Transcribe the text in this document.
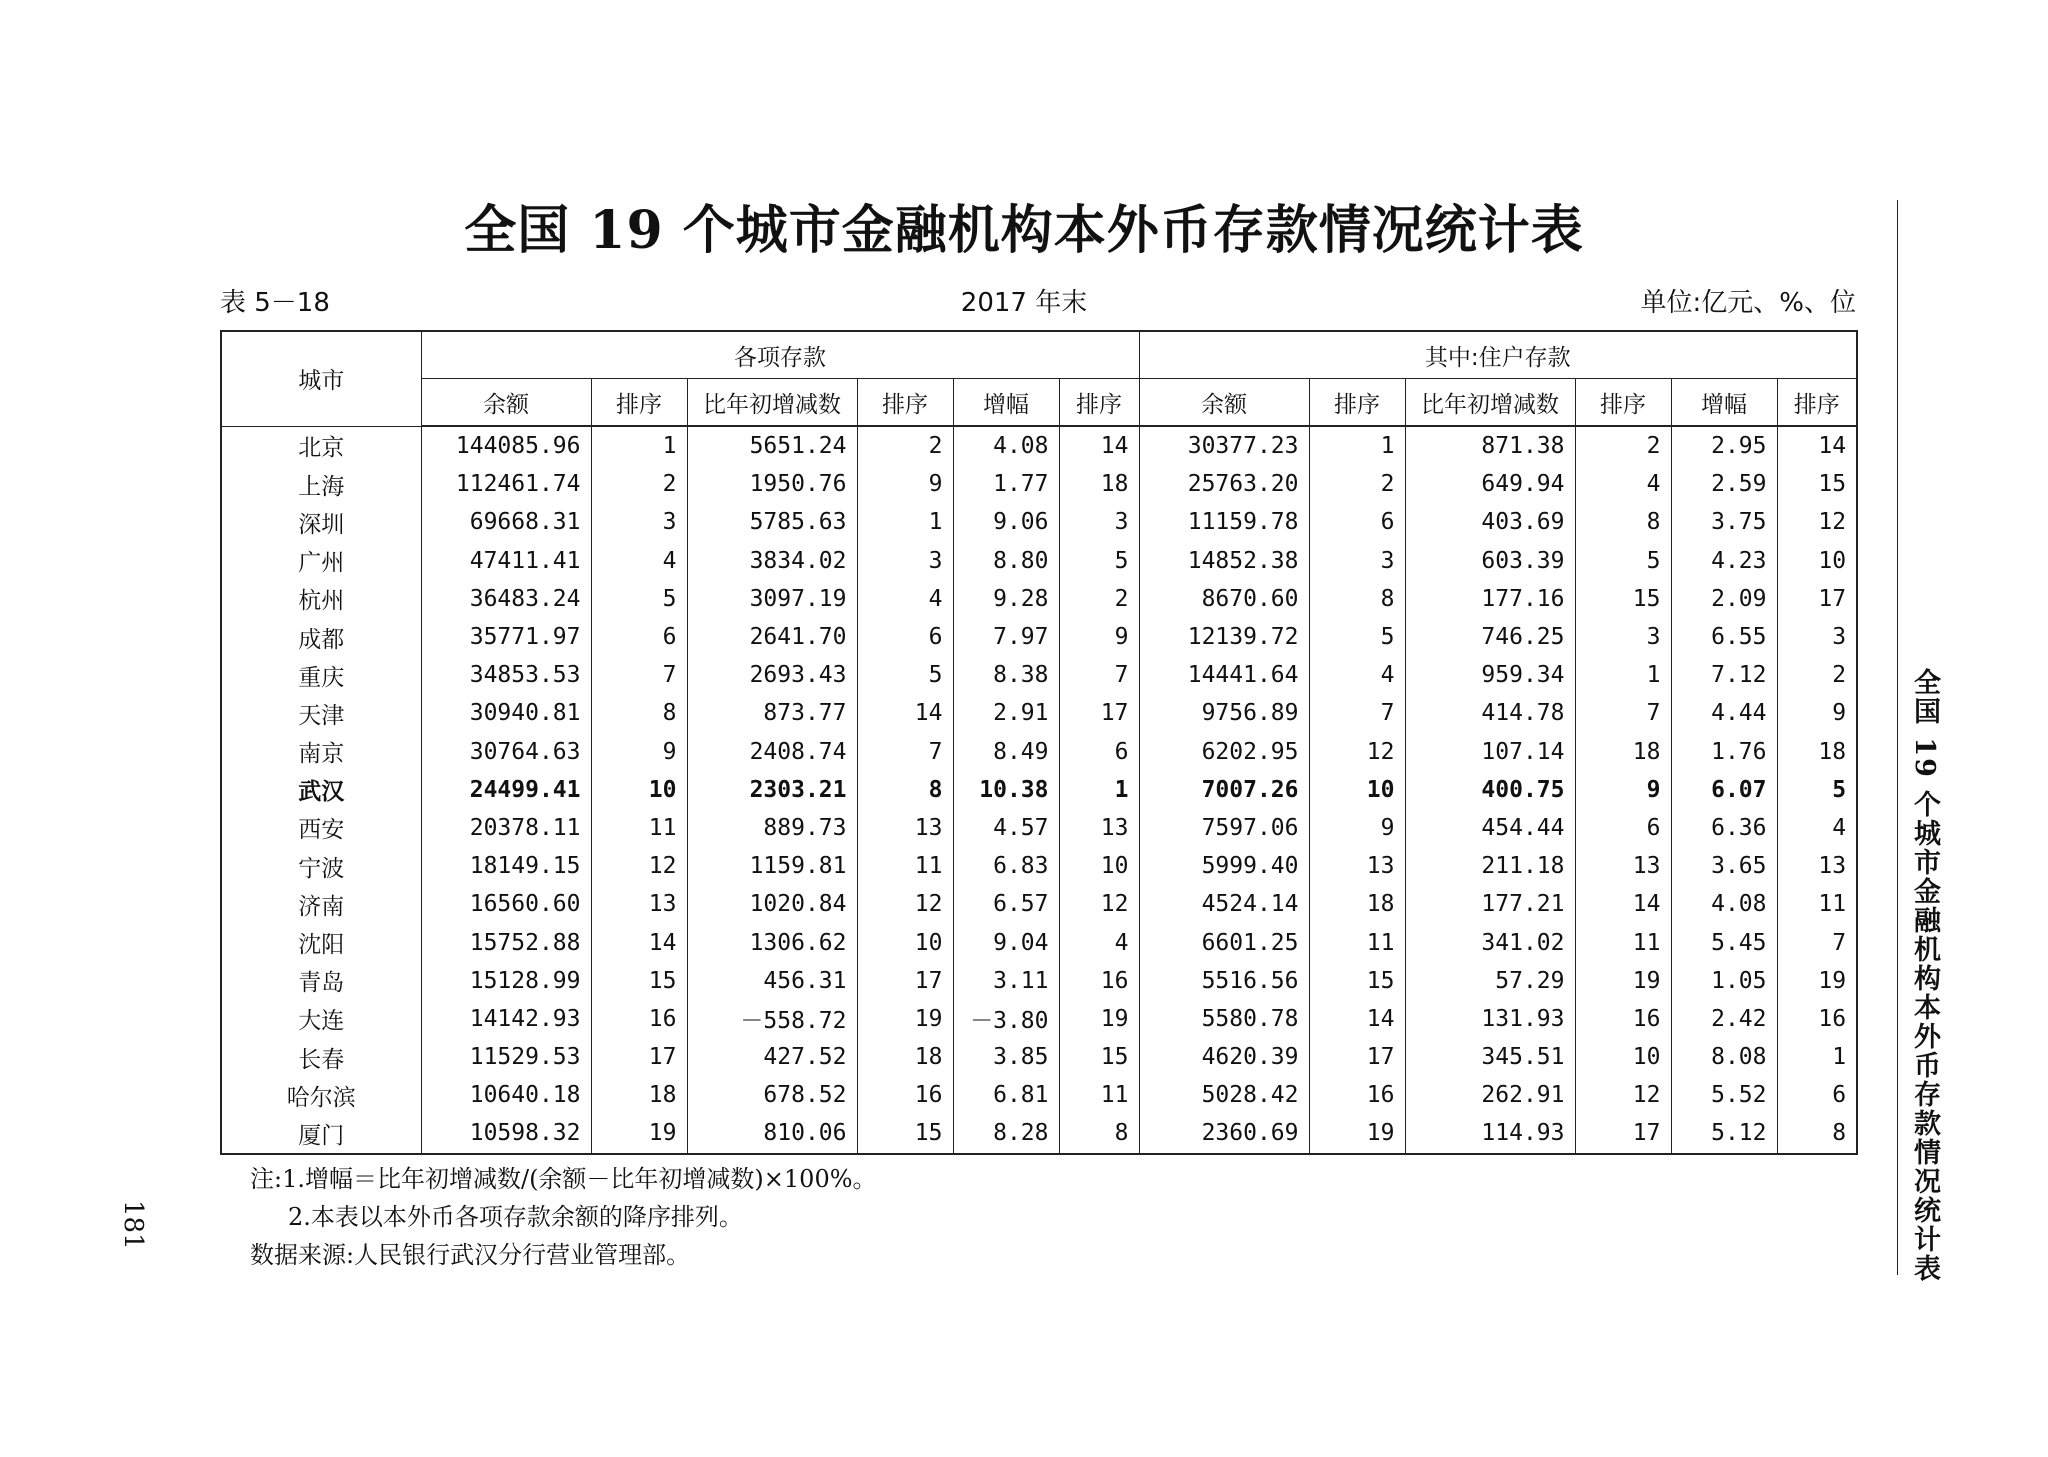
全国 19 个城市金融机构本外币存款情况统计表
表 5－18	2017 年末	单位:亿元、%、位
城市	各项存款						其中:住户存款					
	余额	排序	比年初增减数	排序	增幅	排序	余额	排序	比年初增减数	排序	增幅	排序
北京	144085.96	1	5651.24	2	4.08	14	30377.23	1	871.38	2	2.95	14
上海	112461.74	2	1950.76	9	1.77	18	25763.20	2	649.94	4	2.59	15
深圳	69668.31	3	5785.63	1	9.06	3	11159.78	6	403.69	8	3.75	12
广州	47411.41	4	3834.02	3	8.80	5	14852.38	3	603.39	5	4.23	10
杭州	36483.24	5	3097.19	4	9.28	2	8670.60	8	177.16	15	2.09	17
成都	35771.97	6	2641.70	6	7.97	9	12139.72	5	746.25	3	6.55	3
重庆	34853.53	7	2693.43	5	8.38	7	14441.64	4	959.34	1	7.12	2
天津	30940.81	8	873.77	14	2.91	17	9756.89	7	414.78	7	4.44	9
南京	30764.63	9	2408.74	7	8.49	6	6202.95	12	107.14	18	1.76	18
武汉	24499.41	10	2303.21	8	10.38	1	7007.26	10	400.75	9	6.07	5
西安	20378.11	11	889.73	13	4.57	13	7597.06	9	454.44	6	6.36	4
宁波	18149.15	12	1159.81	11	6.83	10	5999.40	13	211.18	13	3.65	13
济南	16560.60	13	1020.84	12	6.57	12	4524.14	18	177.21	14	4.08	11
沈阳	15752.88	14	1306.62	10	9.04	4	6601.25	11	341.02	11	5.45	7
青岛	15128.99	15	456.31	17	3.11	16	5516.56	15	57.29	19	1.05	19
大连	14142.93	16	－558.72	19	－3.80	19	5580.78	14	131.93	16	2.42	16
长春	11529.53	17	427.52	18	3.85	15	4620.39	17	345.51	10	8.08	1
哈尔滨	10640.18	18	678.52	16	6.81	11	5028.42	16	262.91	12	5.52	6
厦门	10598.32	19	810.06	15	8.28	8	2360.69	19	114.93	17	5.12	8
注:1.增幅＝比年初增减数/(余额－比年初增减数)×100%。
2.本表以本外币各项存款余额的降序排列。
数据来源:人民银行武汉分行营业管理部。
181	全国 19 个城市金融机构本外币存款情况统计表
